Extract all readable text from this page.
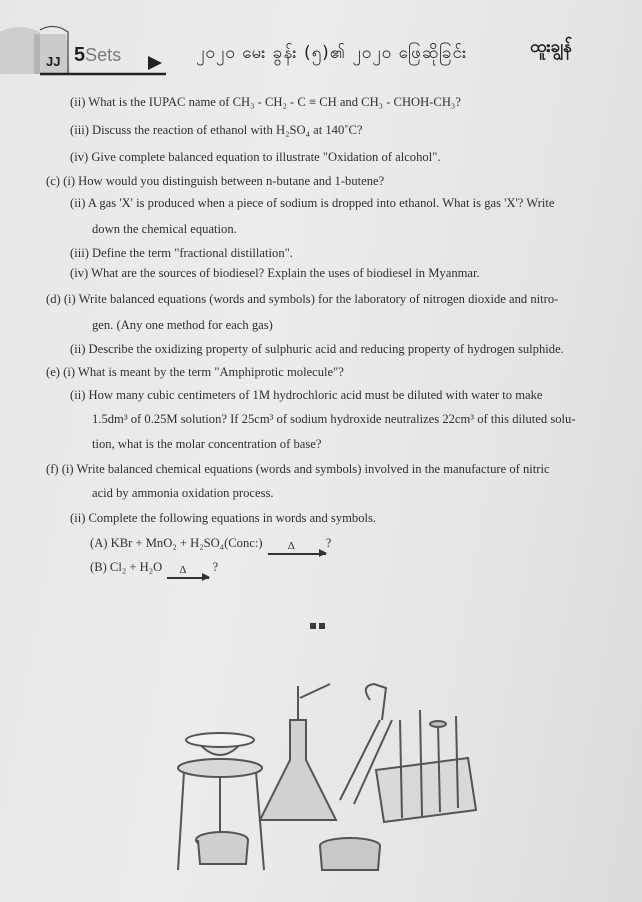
JJ 5Sets	၂၀၂၀ မေး ခွန်း (၅)၏ ၂၀၂၀ ဖြေဆိုခြင်း	ထူးချွန်
(ii) What is the IUPAC name of CH₃ - CH₂ - C ≡ CH and CH₃ - CHOH-CH₃?
(iii) Discuss the reaction of ethanol with H₂SO₄ at 140˚C?
(iv) Give complete balanced equation to illustrate "Oxidation of alcohol".
(c) (i) How would you distinguish between n-butane and 1-butene?
(ii) A gas 'X' is produced when a piece of sodium is dropped into ethanol. What is gas 'X'? Write
down the chemical equation.
(iii) Define the term "fractional distillation".
(iv) What are the sources of biodiesel? Explain the uses of biodiesel in Myanmar.
(d) (i) Write balanced equations (words and symbols) for the laboratory of nitrogen dioxide and nitro-
gen. (Any one method for each gas)
(ii) Describe the oxidizing property of sulphuric acid and reducing property of hydrogen sulphide.
(e) (i) What is meant by the term "Amphiprotic molecule"?
(ii) How many cubic centimeters of 1M hydrochloric acid must be diluted with water to make
1.5dm³ of 0.25M solution? If 25cm³ of sodium hydroxide neutralizes 22cm³ of this diluted solu-
tion, what is the molar concentration of base?
(f) (i) Write balanced chemical equations (words and symbols) involved in the manufacture of nitric
acid by ammonia oxidation process.
(ii) Complete the following equations in words and symbols.
(A) KBr + MnO₂ + H₂SO₄(Conc:) Δ ?
(B) Cl₂ + H₂O Δ ?
